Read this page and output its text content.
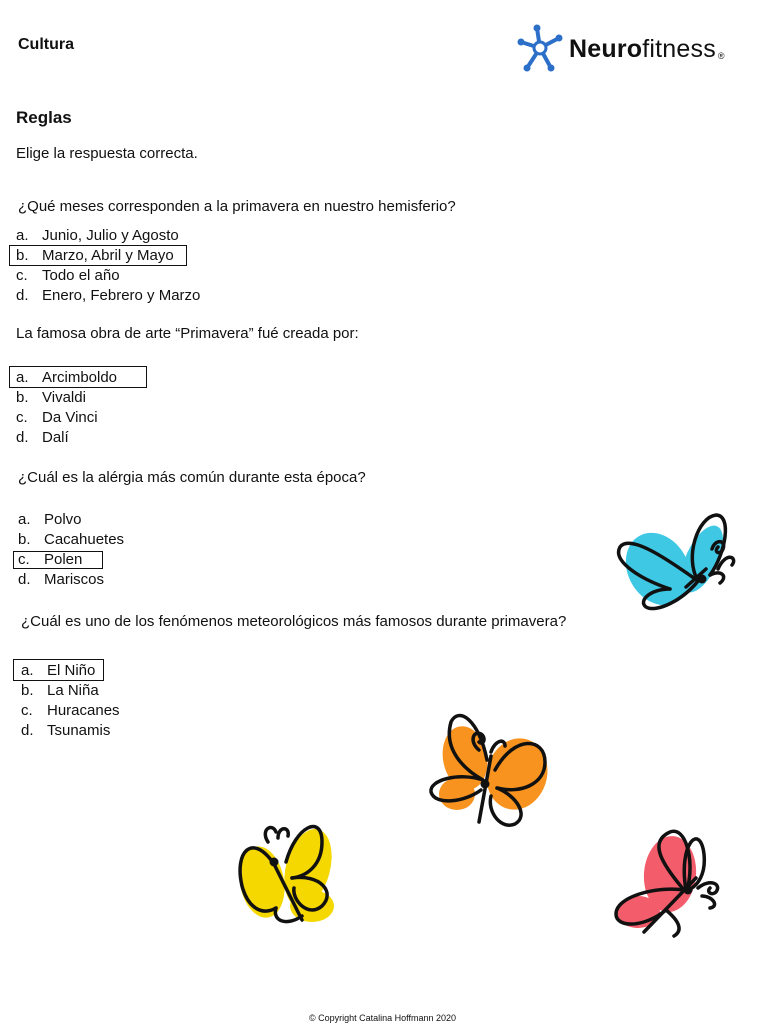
Cultura	Neurofitness ®
Reglas
Elige la respuesta correcta.
¿Qué meses corresponden a la primavera en nuestro hemisferio?
a. Junio, Julio y Agosto
b. Marzo, Abril y Mayo
c. Todo el año
d. Enero, Febrero y Marzo
La famosa obra de arte “Primavera” fué creada por:
a. Arcimboldo
b. Vivaldi
c. Da Vinci
d. Dalí
¿Cuál es la alérgia más común durante esta época?
a. Polvo
b. Cacahuetes
c. Polen
d. Mariscos
¿Cuál es uno de los fenómenos meteorológicos más famosos durante primavera?
a. El Niño
b. La Niña
c. Huracanes
d. Tsunamis
© Copyright Catalina Hoffmann 2020
